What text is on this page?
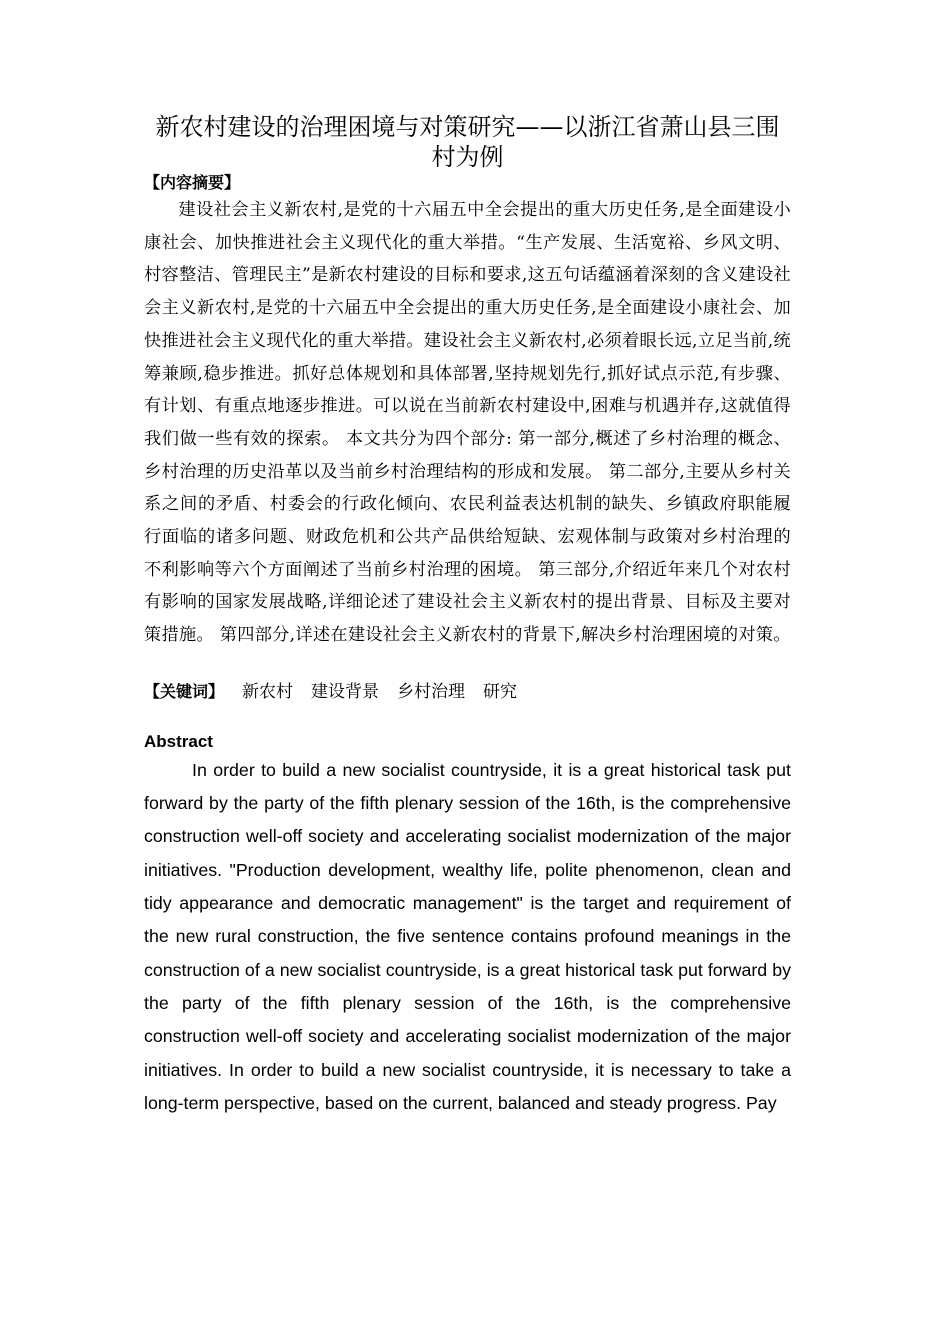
新农村建设的治理困境与对策研究——以浙江省萧山县三围村为例
【内容摘要】

建设社会主义新农村,是党的十六届五中全会提出的重大历史任务,是全面建设小康社会、加快推进社会主义现代化的重大举措。“生产发展、生活宽裕、乡风文明、村容整洁、管理民主”是新农村建设的目标和要求,这五句话蕴涵着深刻的含义建设社会主义新农村,是党的十六届五中全会提出的重大历史任务,是全面建设小康社会、加快推进社会主义现代化的重大举措。建设社会主义新农村,必须着眼长远,立足当前,统筹兼顾,稳步推进。抓好总体规划和具体部署,坚持规划先行,抓好试点示范,有步骤、有计划、有重点地逐步推进。可以说在当前新农村建设中,困难与机遇并存,这就值得我们做一些有效的探索。 本文共分为四个部分: 第一部分,概述了乡村治理的概念、乡村治理的历史沿革以及当前乡村治理结构的形成和发展。 第二部分,主要从乡村关系之间的矛盾、村委会的行政化倾向、农民利益表达机制的缺失、乡镇政府职能履行面临的诸多问题、财政危机和公共产品供给短缺、宏观体制与政策对乡村治理的不利影响等六个方面阐述了当前乡村治理的困境。 第三部分,介绍近年来几个对农村有影响的国家发展战略,详细论述了建设社会主义新农村的提出背景、目标及主要对策措施。 第四部分,详述在建设社会主义新农村的背景下,解决乡村治理困境的对策。

【关键词】 新农村 建设背景 乡村治理 研究
Abstract

In order to build a new socialist countryside, it is a great historical task put forward by the party of the fifth plenary session of the 16th, is the comprehensive construction well-off society and accelerating socialist modernization of the major initiatives. "Production development, wealthy life, polite phenomenon, clean and tidy appearance and democratic management" is the target and requirement of the new rural construction, the five sentence contains profound meanings in the construction of a new socialist countryside, is a great historical task put forward by the party of the fifth plenary session of the 16th, is the comprehensive construction well-off society and accelerating socialist modernization of the major initiatives. In order to build a new socialist countryside, it is necessary to take a long-term perspective, based on the current, balanced and steady progress. Pay
